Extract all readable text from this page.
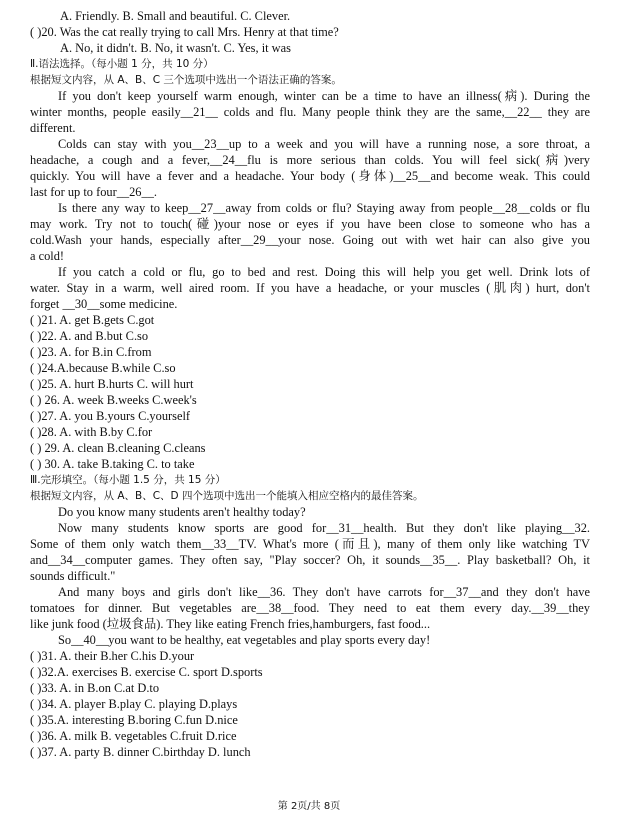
A. Friendly. B. Small and beautiful. C. Clever.
( )20. Was the cat really trying to call Mrs. Henry at that time?
A. No, it didn't. B. No, it wasn't. C. Yes, it was
Ⅱ.语法选择。（每小题 1 分，共 10 分）
根据短文内容，从 A、B、C 三个选项中选出一个语法正确的答案。
If you don't keep yourself warm enough, winter can be a time to have an illness(病). During the
winter months, people easily__21__ colds and flu. Many people think they are the same,__22__ they are
different.
Colds can stay with you__23__up to a week and you will have a running nose, a sore throat, a
headache, a cough and a fever,__24__flu is more serious than colds. You will feel sick(病)very
quickly. You will have a fever and a headache. Your body (身体)__25__and become weak. This could
last for up to four__26__.
Is there any way to keep__27__away from colds or flu? Staying away from people__28__colds or flu
may work. Try not to touch(碰)your nose or eyes if you have been close to someone who has a
cold.Wash your hands, especially after__29__your nose. Going out with wet hair can also give you
a cold!
If you catch a cold or flu, go to bed and rest. Doing this will help you get well. Drink lots of
water. Stay in a warm, well aired room. If you have a headache, or your muscles (肌肉) hurt, don't
forget __30__some medicine.
( )21. A. get B.gets C.got
( )22. A. and B.but C.so
( )23. A. for B.in C.from
( )24.A.because B.while C.so
( )25. A. hurt B.hurts C. will hurt
( ) 26. A. week B.weeks C.week's
( )27. A. you B.yours C.yourself
( )28. A. with B.by C.for
( ) 29. A. clean B.cleaning C.cleans
( ) 30. A. take B.taking C. to take
Ⅲ.完形填空。（每小题 1.5 分，共 15 分）
根据短文内容，从 A、B、C、D 四个选项中选出一个能填入相应空格内的最佳答案。
Do you know many students aren't healthy today?
Now many students know sports are good for__31__health. But they don't like playing__32.
Some of them only watch them__33__TV. What's more (而且), many of them only like watching TV
and__34__computer games. They often say, "Play soccer? Oh, it sounds__35__. Play basketball? Oh, it
sounds difficult."
And many boys and girls don't like__36. They don't have carrots for__37__and they don't have
tomatoes for dinner. But vegetables are__38__food. They need to eat them every day.__39__they
like junk food (垃圾食品). They like eating French fries,hamburgers, fast food...
So__40__you want to be healthy, eat vegetables and play sports every day!
( )31. A. their B.her C.his D.your
( )32.A. exercises B. exercise C. sport D.sports
( )33. A. in B.on C.at D.to
( )34. A. player B.play C. playing D.plays
( )35.A. interesting B.boring C.fun D.nice
( )36. A. milk B. vegetables C.fruit D.rice
( )37. A. party B. dinner C.birthday D. lunch
第 2页/共 8页
